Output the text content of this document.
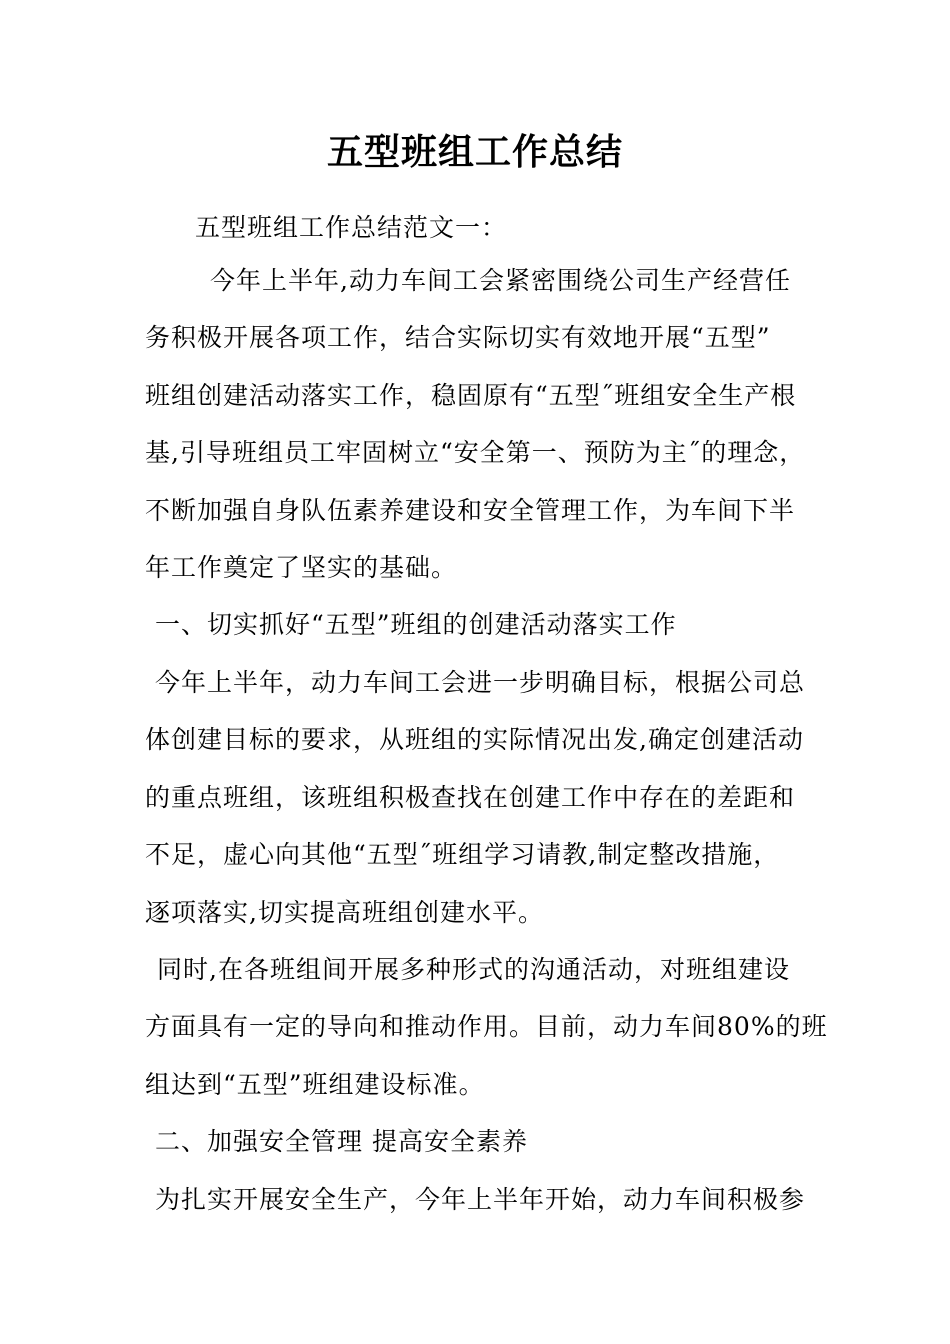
五型班组工作总结
五型班组工作总结范文一：
今年上半年,动力车间工会紧密围绕公司生产经营任
务积极开展各项工作，结合实际切实有效地开展“五型”
班组创建活动落实工作，稳固原有“五型˝班组安全生产根
基,引导班组员工牢固树立“安全第一、预防为主˝的理念，
不断加强自身队伍素养建设和安全管理工作，为车间下半
年工作奠定了坚实的基础。
一、切实抓好“五型”班组的创建活动落实工作
今年上半年，动力车间工会进一步明确目标，根据公司总
体创建目标的要求，从班组的实际情况出发,确定创建活动
的重点班组，该班组积极查找在创建工作中存在的差距和
不足，虚心向其他“五型˝班组学习请教,制定整改措施，
逐项落实,切实提高班组创建水平。
同时,在各班组间开展多种形式的沟通活动，对班组建设
方面具有一定的导向和推动作用。目前，动力车间80%的班
组达到“五型”班组建设标准。
二、加强安全管理 提高安全素养
为扎实开展安全生产，今年上半年开始，动力车间积极参
